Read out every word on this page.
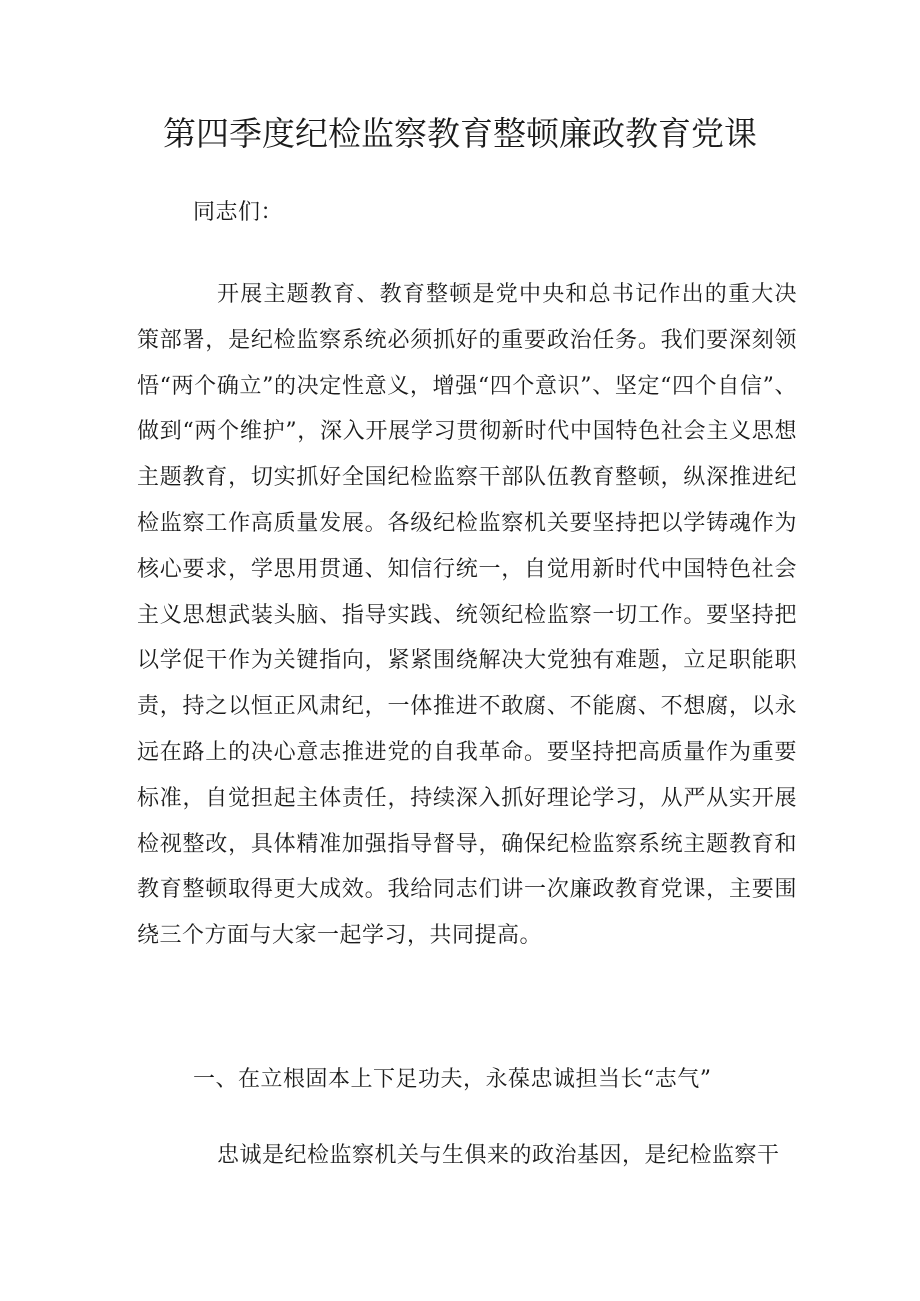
第四季度纪检监察教育整顿廉政教育党课

同志们：

开展主题教育、教育整顿是党中央和总书记作出的重大决策部署，是纪检监察系统必须抓好的重要政治任务。我们要深刻领悟“两个确立”的决定性意义，增强“四个意识”、坚定“四个自信”、做到“两个维护”，深入开展学习贯彻新时代中国特色社会主义思想主题教育，切实抓好全国纪检监察干部队伍教育整顿，纵深推进纪检监察工作高质量发展。各级纪检监察机关要坚持把以学铸魂作为核心要求，学思用贯通、知信行统一，自觉用新时代中国特色社会主义思想武装头脑、指导实践、统领纪检监察一切工作。要坚持把以学促干作为关键指向，紧紧围绕解决大党独有难题，立足职能职责，持之以恒正风肃纪，一体推进不敢腐、不能腐、不想腐，以永远在路上的决心意志推进党的自我革命。要坚持把高质量作为重要标准，自觉担起主体责任，持续深入抓好理论学习，从严从实开展检视整改，具体精准加强指导督导，确保纪检监察系统主题教育和教育整顿取得更大成效。我给同志们讲一次廉政教育党课，主要围绕三个方面与大家一起学习，共同提高。

一、在立根固本上下足功夫，永葆忠诚担当长“志气”

忠诚是纪检监察机关与生俱来的政治基因，是纪检监察干
